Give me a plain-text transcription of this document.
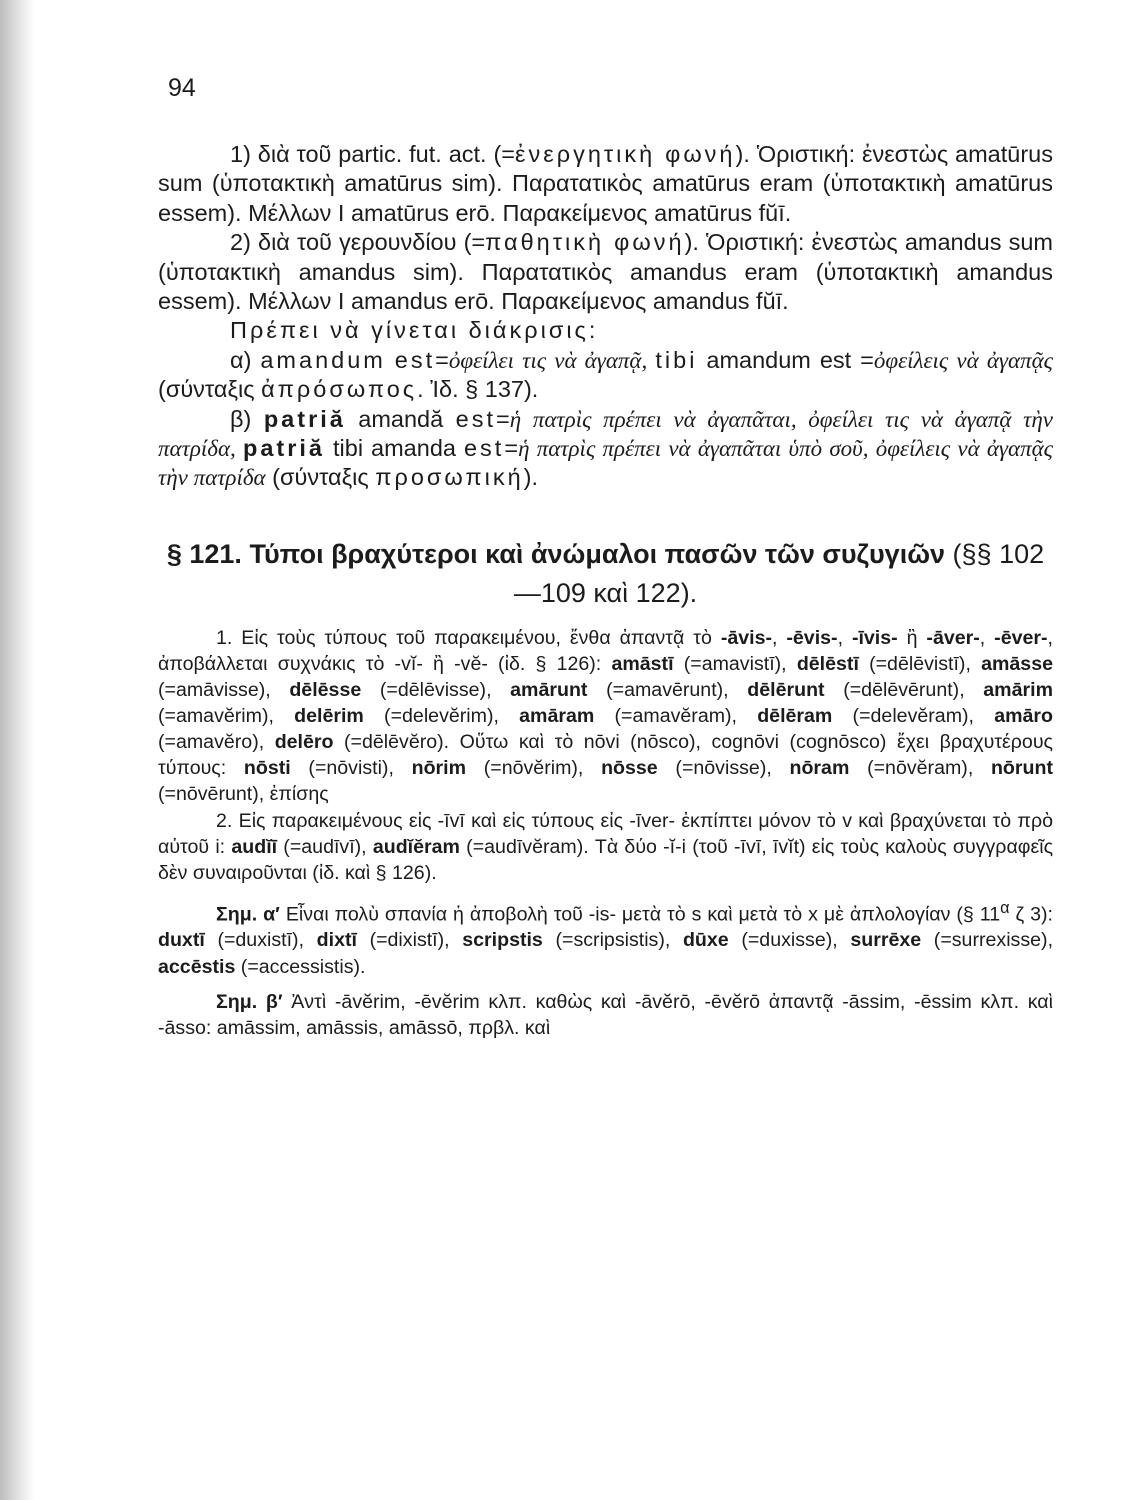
94

1) διὰ τοῦ partic. fut. act. (=ἐνεργητικὴ φωνή). Ὁριστική: ἐνεστὼς amatūrus sum (ὑποτακτικὴ amatūrus sim). Παρατατικὸς amatūrus eram (ὑποτακτικὴ amatūrus essem). Μέλλων I amatūrus erō. Παρακείμενος amatūrus fŭī.

2) διὰ τοῦ γερουνδίου (=παθητικὴ φωνή). Ὁριστική: ἐνεστὼς amandus sum (ὑποτακτικὴ amandus sim). Παρατατικὸς amandus eram (ὑποτακτικὴ amandus essem). Μέλλων I amandus erō. Παρακείμενος amandus fŭī.

Πρέπει νὰ γίνεται διάκρισις:

α) amandum est=ὀφείλει τις νὰ ἀγαπᾷ, tibi amandum est =ὀφείλεις νὰ ἀγαπᾷς (σύνταξις ἀπρόσωπος. Ἰδ. § 137).

β) patriă amandă est=ἡ πατρὶς πρέπει νὰ ἀγαπᾶται, ὀφείλει τις νὰ ἀγαπᾷ τὴν πατρίδα, patriă tibi amanda est=ἡ πατρὶς πρέπει νὰ ἀγαπᾶται ὑπὸ σοῦ, ὀφείλεις νὰ ἀγαπᾷς τὴν πατρίδα (σύνταξις προσωπική).

§ 121. Τύποι βραχύτεροι καὶ ἀνώμαλοι πασῶν τῶν συζυγιῶν (§§ 102—109 καὶ 122).

1. Εἰς τοὺς τύπους τοῦ παρακειμένου, ἔνθα ἀπαντᾷ τὸ -āvis-, -ēvis-, -īvis- ἢ -āver-, -ēver-, ἀποβάλλεται συχνάκις τὸ -vĭ- ἢ -vĕ- (ἰδ. § 126): amāstī (=amavistī), dēlēstī (=dēlēvistī), amāsse (=amāvisse), dēlēsse (=dēlēvisse), amārunt (=amavērunt), dēlērunt (=dēlēvērunt), amārim (=amavĕrim), delērim (=delevĕrim), amāram (=amavĕram), dēlēram (=delevĕram), amāro (=amavĕro), delēro (=dēlēvĕro). Οὕτω καὶ τὸ nōvi (nōsco), cognōvi (cognōsco) ἔχει βραχυτέρους τύπους: nōsti (=nōvisti), nōrim (=nōvĕrim), nōsse (=nōvisse), nōram (=nōvĕram), nōrunt (=nōvērunt), ἐπίσης

2. Εἰς παρακειμένους εἰς -īvī καὶ εἰς τύπους εἰς -īver- ἐκπίπτει μόνον τὸ v καὶ βραχύνεται τὸ πρὸ αὐτοῦ i: audĭī (=audīvī), audĭĕram (=audīvĕram). Τὰ δύο -ĭ-i (τοῦ -īvī, īvĭt) εἰς τοὺς καλοὺς συγγραφεῖς δὲν συναιροῦνται (ἰδ. καὶ § 126).

Σημ. α′ Εἶναι πολὺ σπανία ἡ ἀποβολὴ τοῦ -is- μετὰ τὸ s καὶ μετὰ τὸ x μὲ ἀπλολογίαν (§ $11^\alpha$ ζ 3): duxtī (=duxistī), dixtī (=dixistī), scripstis (=scripsistis), dūxe (=duxisse), surrēxe (=surrexisse), accēstis (=accessistis).

Σημ. β′ Ἀντὶ -āvĕrim, -ēvĕrim κλπ. καθὼς καὶ -āvĕrō, -ēvĕrō ἀπαντᾷ -āssim, -ēssim κλπ. καὶ -āsso: amāssim, amāssis, amāssō, πρβλ. καὶ
